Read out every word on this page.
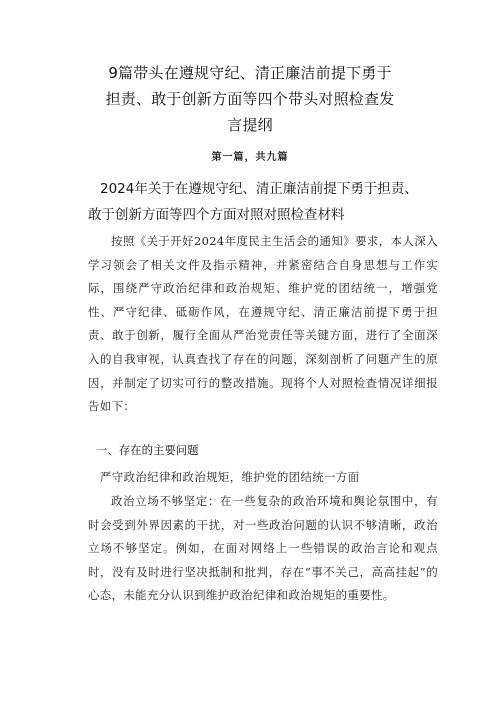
9篇带头在遵规守纪、清正廉洁前提下勇于
担责、敢于创新方面等四个带头对照检查发
言提纲
第一篇，共九篇
2024年关于在遵规守纪、清正廉洁前提下勇于担责、
敢于创新方面等四个方面对照对照检查材料
按照《关于开好2024年度民主生活会的通知》要求，本人深入学习领会了相关文件及指示精神，并紧密结合自身思想与工作实际，围绕严守政治纪律和政治规矩、维护党的团结统一，增强党性、严守纪律、砥砺作风，在遵规守纪、清正廉洁前提下勇于担责、敢于创新，履行全面从严治党责任等关键方面，进行了全面深入的自我审视，认真查找了存在的问题，深刻剖析了问题产生的原因，并制定了切实可行的整改措施。现将个人对照检查情况详细报告如下：
一、存在的主要问题
严守政治纪律和政治规矩，维护党的团结统一方面
政治立场不够坚定：在一些复杂的政治环境和舆论氛围中，有时会受到外界因素的干扰，对一些政治问题的认识不够清晰，政治立场不够坚定。例如，在面对网络上一些错误的政治言论和观点时，没有及时进行坚决抵制和批判，存在“事不关己，高高挂起”的心态，未能充分认识到维护政治纪律和政治规矩的重要性。
